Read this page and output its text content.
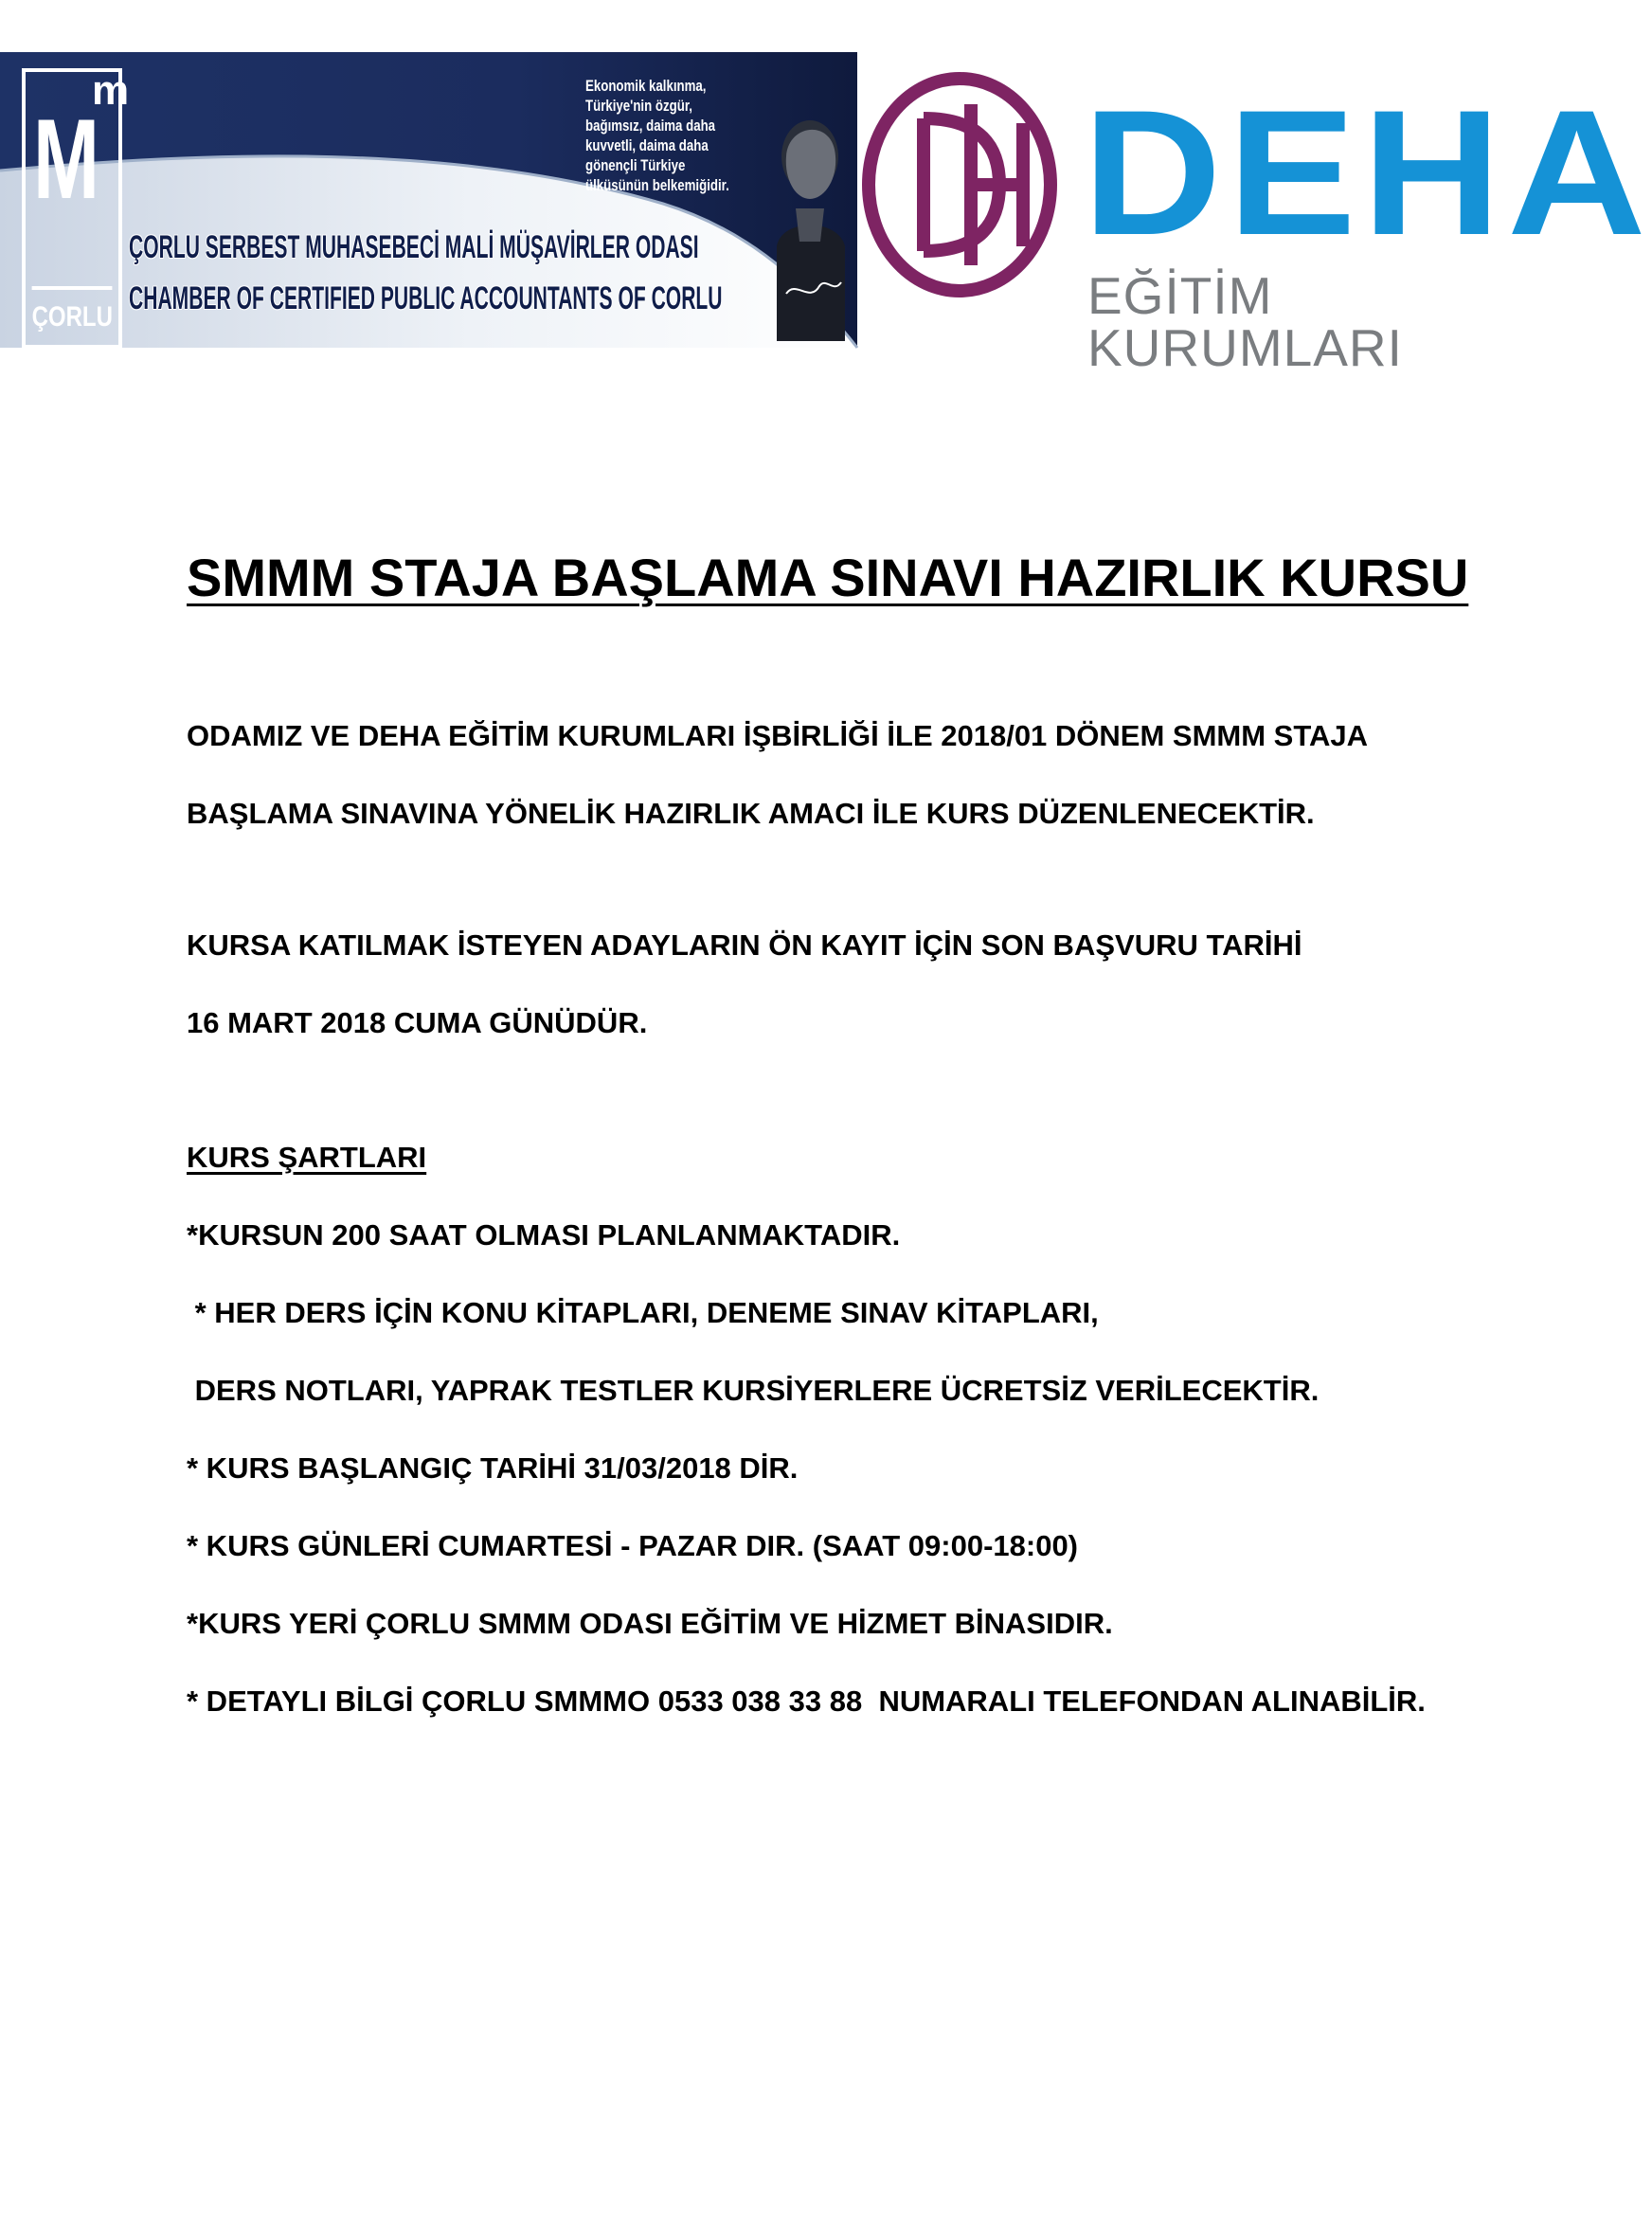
m
M
ÇORLU
ÇORLU SERBEST MUHASEBECİ MALİ MÜŞAVİRLER ODASI
CHAMBER OF CERTIFIED PUBLIC ACCOUNTANTS OF CORLU
Ekonomik kalkınma, Türkiye'nin özgür, bağımsız, daima daha kuvvetli, daima daha gönençli Türkiye ülküsünün belkemiğidir. DEHA
EĞİTİM KURUMLARI
SMMM STAJA BAŞLAMA SINAVI HAZIRLIK KURSU
ODAMIZ VE DEHA EĞİTİM KURUMLARI İŞBİRLİĞİ İLE 2018/01 DÖNEM SMMM STAJA
BAŞLAMA SINAVINA YÖNELİK HAZIRLIK AMACI İLE KURS DÜZENLENECEKTİR.
KURSA KATILMAK İSTEYEN ADAYLARIN ÖN KAYIT İÇİN SON BAŞVURU TARİHİ
16 MART 2018 CUMA GÜNÜDÜR.
KURS ŞARTLARI
*KURSUN 200 SAAT OLMASI PLANLANMAKTADIR.
* HER DERS İÇİN KONU KİTAPLARI, DENEME SINAV KİTAPLARI,
DERS NOTLARI, YAPRAK TESTLER KURSİYERLERE ÜCRETSİZ VERİLECEKTİR.
* KURS BAŞLANGIÇ TARİHİ 31/03/2018 DİR.
* KURS GÜNLERİ CUMARTESİ - PAZAR DIR. (SAAT 09:00-18:00)
*KURS YERİ ÇORLU SMMM ODASI EĞİTİM VE HİZMET BİNASIDIR.
* DETAYLI BİLGİ ÇORLU SMMMO 0533 038 33 88  NUMARALI TELEFONDAN ALINABİLİR.
